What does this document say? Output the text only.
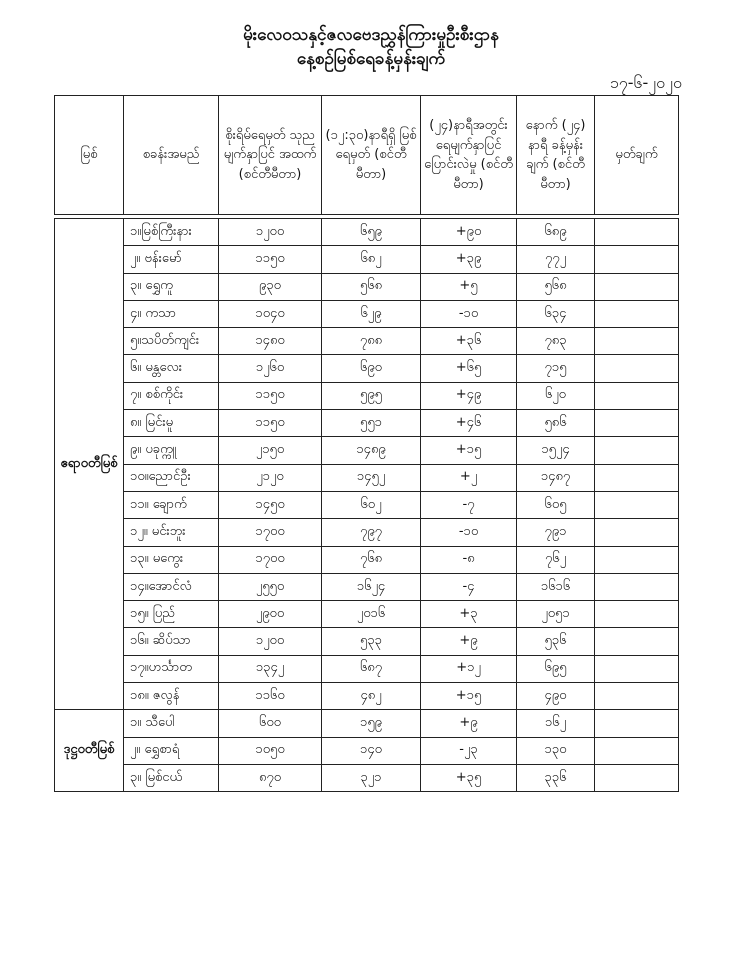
မိုးလေဝသနှင့်ဇလဗေဒညွှန်ကြားမှုဦးစီးဌာန
နေ့စဉ်မြစ်ရေခန့်မှန်းချက်
၁၇-၆-၂၀၂၀
မြစ်	စခန်းအမည်	စိုးရိမ်ရေမှတ် သုညမျက်နှာပြင် အထက် (စင်တီမီတာ)	(၁၂:၃၀)နာရီရှိ မြစ်ရေမှတ် (စင်တီမီတာ)	(၂၄)နာရီအတွင်း ရေမျက်နှာပြင် ပြောင်းလဲမှု (စင်တီမီတာ)	နောက် (၂၄) နာရီ ခန့်မှန်းချက် (စင်တီမီတာ)	မှတ်ချက်

ဧရာဝတီမြစ်	၁။မြစ်ကြီးနား	၁၂၀၀	၆၅၉	+၉၀	၆၈၉	
	၂။ ဗန်းမော်	၁၁၅၀	၆၈၂	+၃၉	၇၇၂	
	၃။ ရွှေကူ	၉၃၀	၅၆၈	+၅	၅၆၈	
	၄။ ကသာ	၁၀၄၀	၆၂၉	-၁၀	၆၃၄	
	၅။သပိတ်ကျင်း	၁၄၈၀	၇၈၈	+၃၆	၇၈၃	
	၆။ မန္တလေး	၁၂၆၀	၆၉၀	+၆၅	၇၁၅	
	၇။ စစ်ကိုင်း	၁၁၅၀	၅၉၅	+၄၉	၆၂၀	
	၈။ မြင်းမူ	၁၁၅၀	၅၅၁	+၄၆	၅၈၆	
	၉။ ပခုက္ကူ	၂၁၅၀	၁၄၈၉	+၁၅	၁၅၂၄	
	၁၀။ညောင်ဦး	၂၁၂၀	၁၄၅၂	+၂	၁၄၈၇	
	၁၁။ ချောက်	၁၄၅၀	၆၀၂	-၇	၆၀၅	
	၁၂။ မင်းဘူး	၁၇၀၀	၇၉၇	-၁၀	၇၉၁	
	၁၃။ မကွေး	၁၇၀၀	၇၆၈	-၈	၇၆၂	
	၁၄။အောင်လံ	၂၅၅၀	၁၆၂၄	-၄	၁၆၁၆	
	၁၅။ ပြည်	၂၉၀၀	၂၀၁၆	+၃	၂၀၅၁	
	၁၆။ ဆိပ်သာ	၁၂၀၀	၅၃၃	+၉	၅၃၆	
	၁၇။ဟင်္သာတ	၁၃၄၂	၆၈၇	+၁၂	၆၉၅	
	၁၈။ ဇလွန်	၁၁၆၀	၄၈၂	+၁၅	၄၉၀	
ဒုဋ္ဌဝတီမြစ်	၁။ သီပေါ	၆၀၀	၁၅၉	+၉	၁၆၂	
	၂။ ရွှေစာရံ	၁၀၅၀	၁၄၀	-၂၃	၁၃၀	
	၃။ မြစ်ငယ်	၈၇၀	၃၂၁	+၃၅	၃၃၆	
